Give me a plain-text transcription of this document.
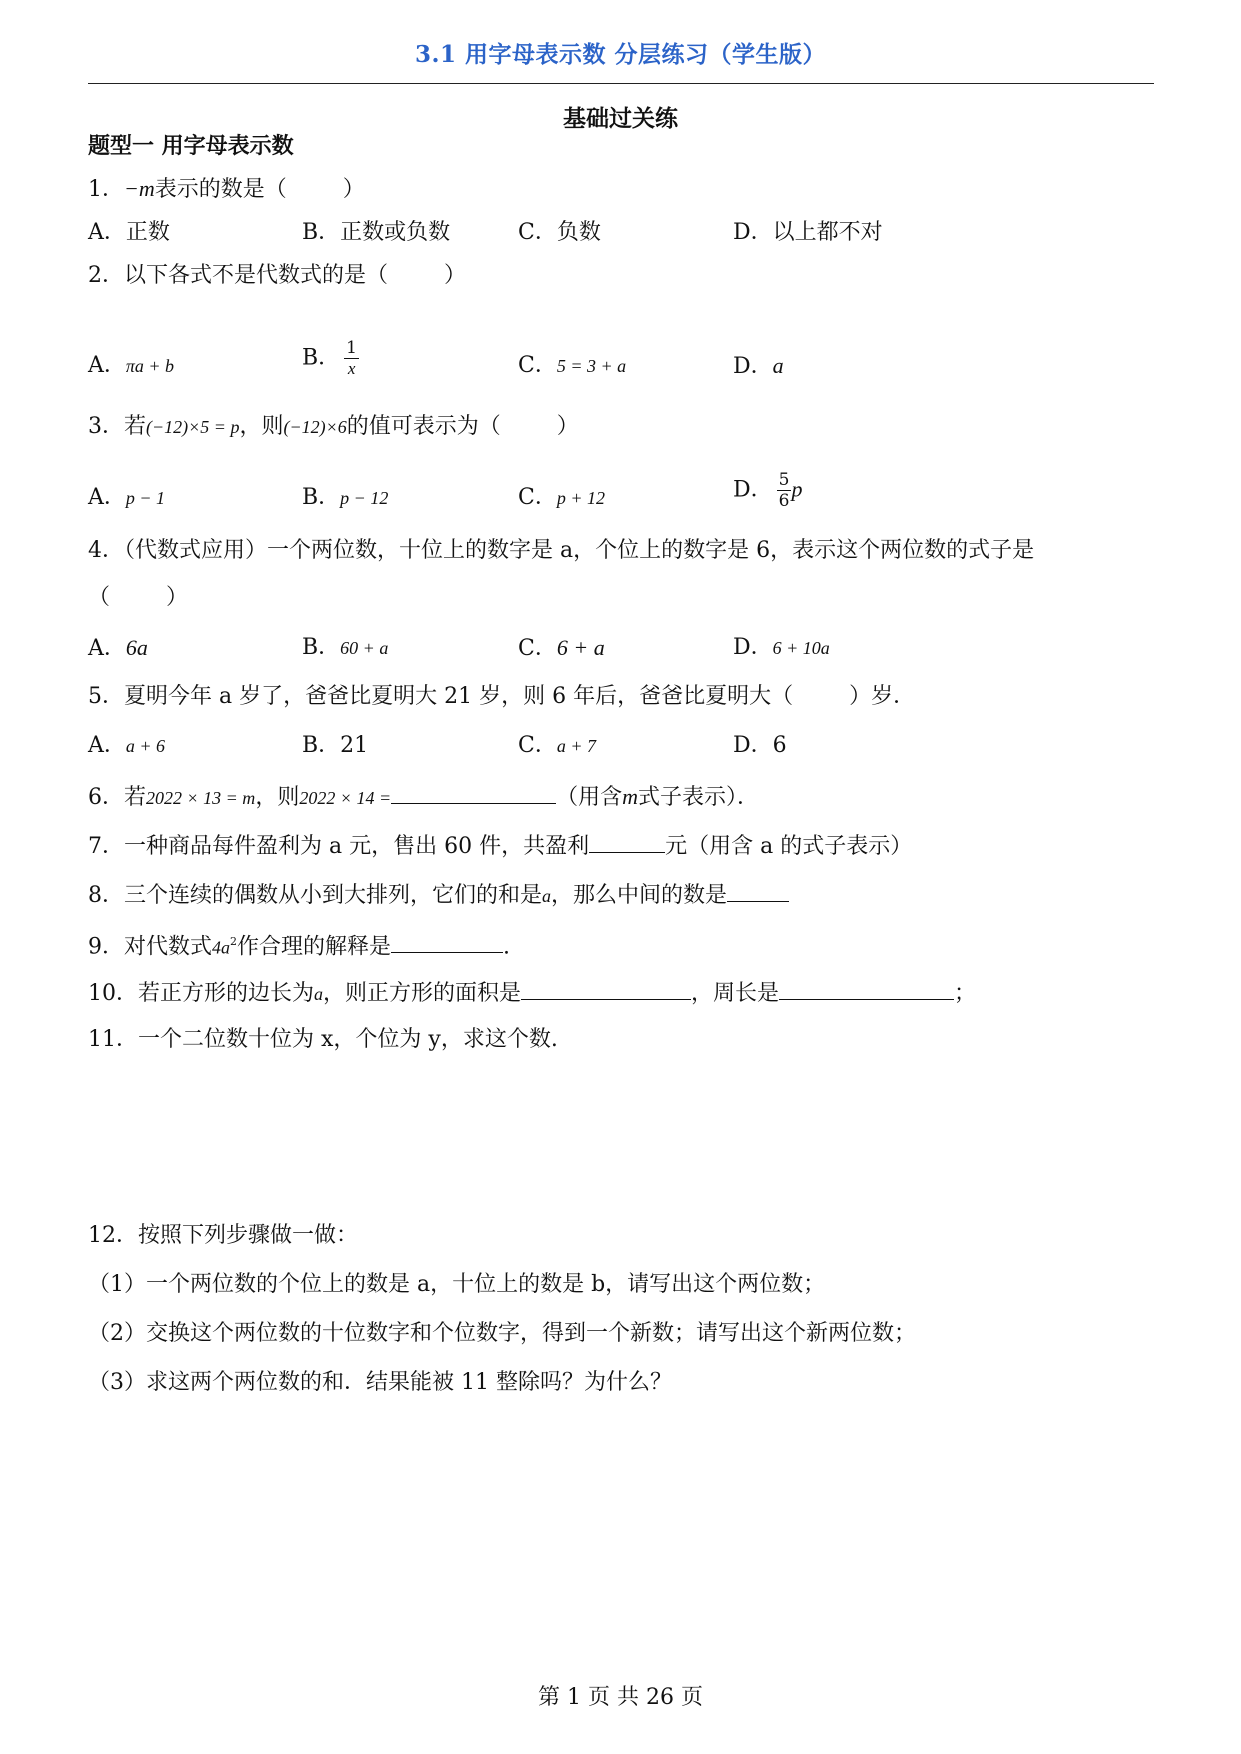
3.1 用字母表示数 分层练习（学生版）
基础过关练
题型一 用字母表示数
1．−m表示的数是（	）
A．正数	B．正数或负数	C．负数	D．以上都不对
2．以下各式不是代数式的是（	）
A．πa + b	B． $\frac{1}{x}$	C．5 = 3 + a	D．a
3．若(−12)×5 = p，则(−12)×6的值可表示为（	）
A．p − 1	B．p − 12	C．p + 12	D． $\frac{5}{6}$ p
4．（代数式应用）一个两位数，十位上的数字是 a，个位上的数字是 6，表示这个两位数的式子是
（	）
A．6a	B．60 + a	C．6 + a	D．6 + 10a
5．夏明今年 a 岁了，爸爸比夏明大 21 岁，则 6 年后，爸爸比夏明大（	）岁．
A．a + 6	B．21	C．a + 7	D．6
6．若2022 × 13 = m，则2022 × 14 =	（用含m式子表示）．
7．一种商品每件盈利为 a 元，售出 60 件，共盈利	元（用含 a 的式子表示）
8．三个连续的偶数从小到大排列，它们的和是a，那么中间的数是
9．对代数式$4a^2$作合理的解释是	.
10．若正方形的边长为a，则正方形的面积是	，周长是	；
11．一个二位数十位为 x，个位为 y，求这个数.
12．按照下列步骤做一做：
（1）一个两位数的个位上的数是 a，十位上的数是 b，请写出这个两位数；
（2）交换这个两位数的十位数字和个位数字，得到一个新数；请写出这个新两位数；
（3）求这两个两位数的和．结果能被 11 整除吗？为什么？
第 1 页 共 26 页
